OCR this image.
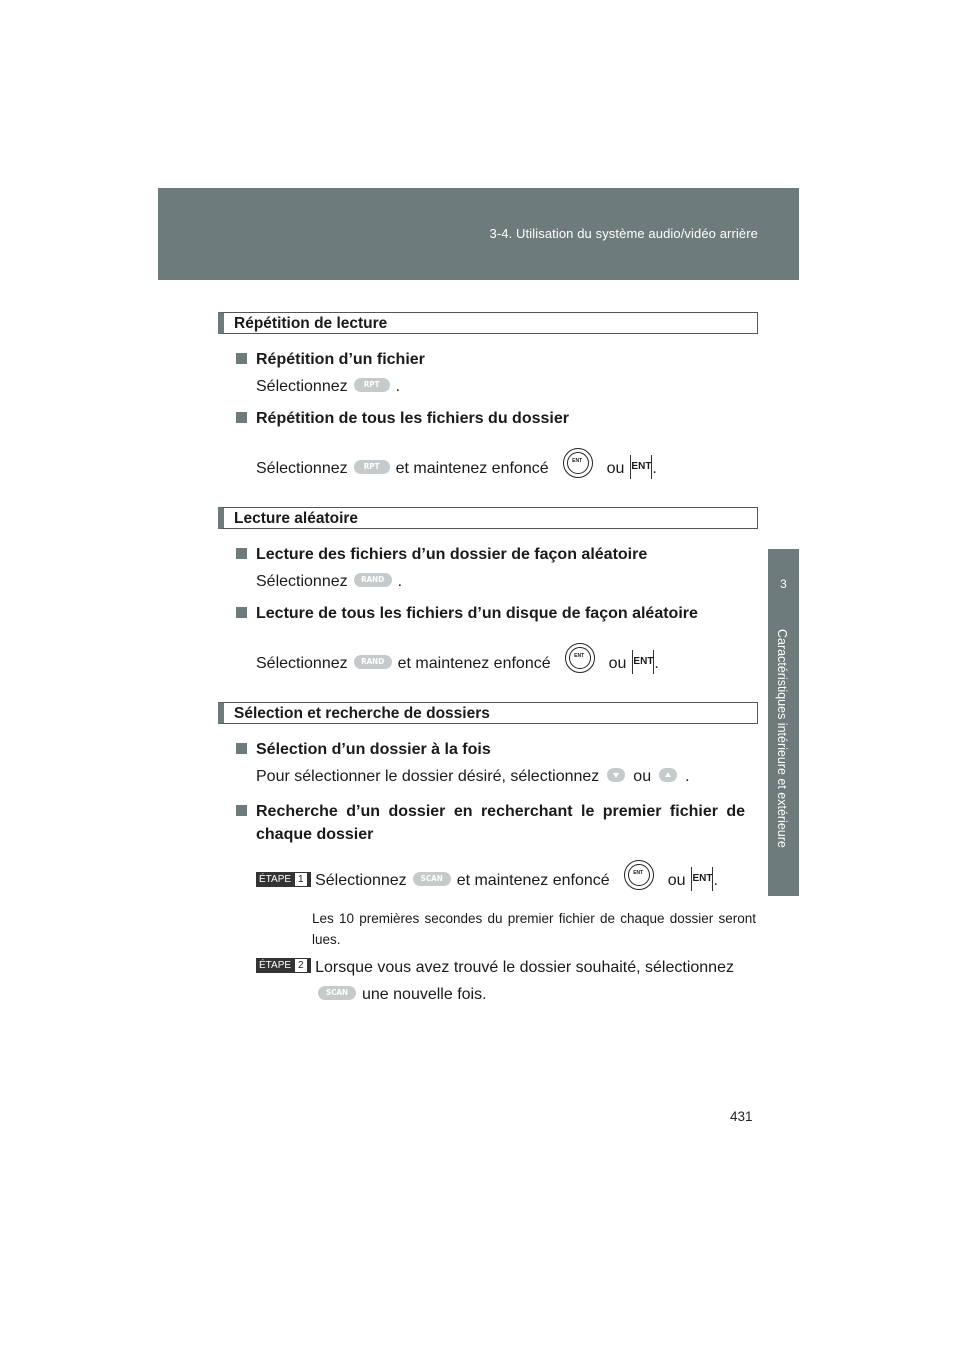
3-4. Utilisation du système audio/vidéo arrière
3
Caractéristiques intérieure et extérieure
Répétition de lecture
Répétition d’un fichier
Sélectionnez RPT .
Répétition de tous les fichiers du dossier
Sélectionnez RPT et maintenez enfoncé	ENT	ou ENT.
Lecture aléatoire
Lecture des fichiers d’un dossier de façon aléatoire
Sélectionnez RAND .
Lecture de tous les fichiers d’un disque de façon aléatoire
Sélectionnez RAND et maintenez enfoncé	ENT	ou ENT.
Sélection et recherche de dossiers
Sélection d’un dossier à la fois
Pour sélectionner le dossier désiré, sélectionnez ou .
Recherche d’un dossier en recherchant le premier fichier de
chaque dossier
ÉTAPE 1 Sélectionnez SCAN et maintenez enfoncé	ENT	ou ENT.
Les 10 premières secondes du premier fichier de chaque dossier seront lues.
ÉTAPE 2 Lorsque vous avez trouvé le dossier souhaité, sélectionnez
SCAN une nouvelle fois.
431
